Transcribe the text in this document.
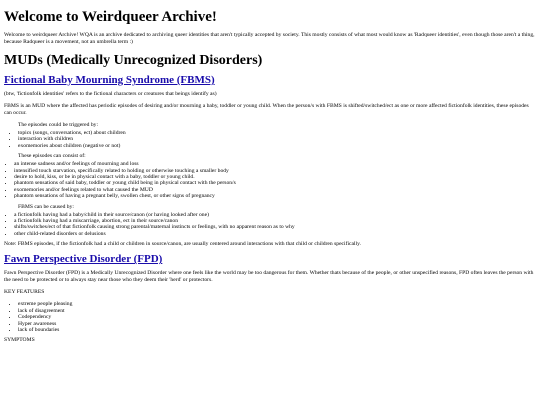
Welcome to Weirdqueer Archive!

Welcome to weirdqueer Archive! WQA is an archive dedicated to archiving queer identities that aren't typically accepted by society. This mostly consists of what most would know as 'Radqueer identities', even though those aren't a thing, because Radqueer is a movement, not an umbrella term :)

MUDs (Medically Unrecognized Disorders)
Fictional Baby Mourning Syndrome (FBMS)

(btw, 'fictionfolk identities' refers to the fictional characters or creatures that beings identify as)

FBMS is an MUD where the affected has periodic episodes of desiring and/or mourning a baby, toddler or young child. When the person/s with FBMS is shifted/switched/ect as one or more affected fictionfolk identities, these episodes can occur.

The episodes could be triggered by:
• topics (songs, conversations, ect) about children
• interaction with children
• exomemories about children (negative or not)
These episodes can consist of:
• an intense sadness and/or feelings of mourning and loss
• intensified touch starvation, specifically related to holding or otherwise touching a smaller body
• desire to hold, kiss, or be in physical contact with a baby, toddler or young child.
• phantom sensations of said baby, toddler or young child being in physical contact with the person/s
• exomemories and/or feelings related to what caused the MUD
• phantom sensations of having a pregnant belly, swollen chest, or other signs of pregnancy
FBMS can be caused by:
• a fictionfolk having had a baby/child in their source/canon (or having looked after one)
• a fictionfolk having had a miscarriage, abortion, ect in their source/canon
• shifts/switches/ect of that fictionfolk causing strong parental/maternal instincts or feelings, with no apparent reason as to why
• other child-related disorders or delusions

Note: FBMS episodes, if the fictionfolk had a child or children in source/canon, are usually centered around interactions with that child or children specifically.

Fawn Perspective Disorder (FPD)

Fawn Perspective Disorder (FPD) is a Medically Unrecognized Disorder where one feels like the world may be too dangerous for them. Whether thats because of the people, or other unspecified reasons, FPD often leaves the person with the need to be protected or to always stay near those who they deem their 'herd' or protectors.

KEY FEATURES

• extreme people pleasing
• lack of disagreement
• Codependency
• Hyper awareness
• lack of boundaries

SYMPTOMS
